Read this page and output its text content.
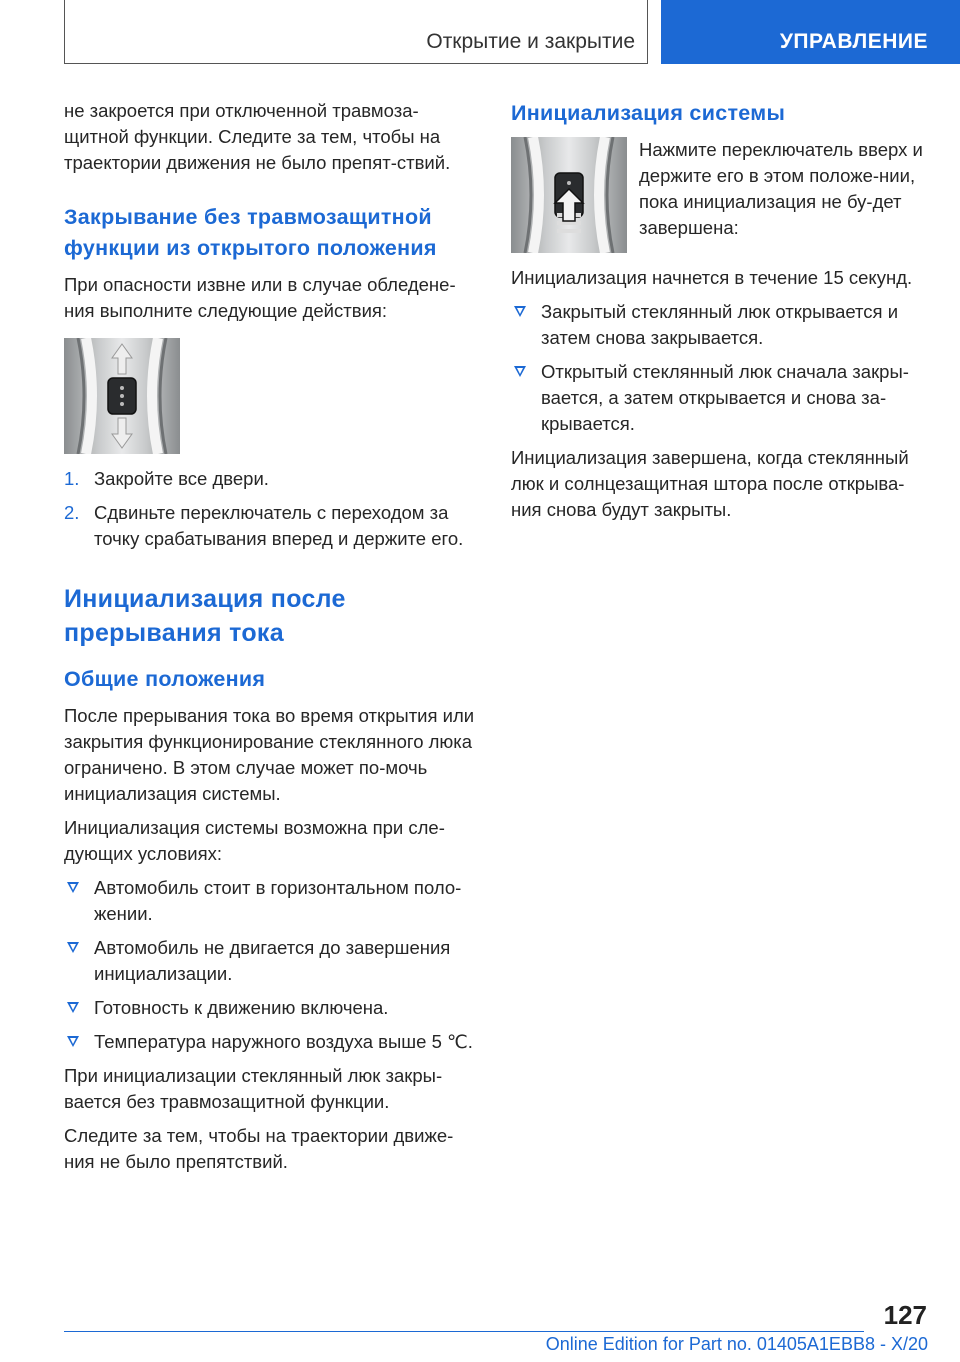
Открытие и закрытие	УПРАВЛЕНИЕ

не закроется при отключенной травмоза-щитной функции. Следите за тем, чтобы на траектории движения не было препят-ствий.

Закрывание без травмозащитной функции из открытого положения

При опасности извне или в случае обледене-ния выполните следующие действия:

1. Закройте все двери.
2. Сдвиньте переключатель с переходом за точку срабатывания вперед и держите его.
Инициализация после прерывания тока
Общие положения

После прерывания тока во время открытия или закрытия функционирование стеклянного люка ограничено. В этом случае может по-мочь инициализация системы.

Инициализация системы возможна при сле-дующих условиях:

Автомобиль стоит в горизонтальном поло-жении.
Автомобиль не двигается до завершения инициализации.
Готовность к движению включена.
Температура наружного воздуха выше 5 ℃.

При инициализации стеклянный люк закры-вается без травмозащитной функции.

Следите за тем, чтобы на траектории движе-ния не было препятствий.

Инициализация системы

Нажмите переключатель вверх и держите его в этом положе-нии, пока инициализация не бу-дет завершена:

Инициализация начнется в течение 15 секунд.

Закрытый стеклянный люк открывается и затем снова закрывается.
Открытый стеклянный люк сначала закры-вается, а затем открывается и снова за-крывается.

Инициализация завершена, когда стеклянный люк и солнцезащитная штора после открыва-ния снова будут закрыты.

127
Online Edition for Part no. 01405A1EBB8 - X/20
